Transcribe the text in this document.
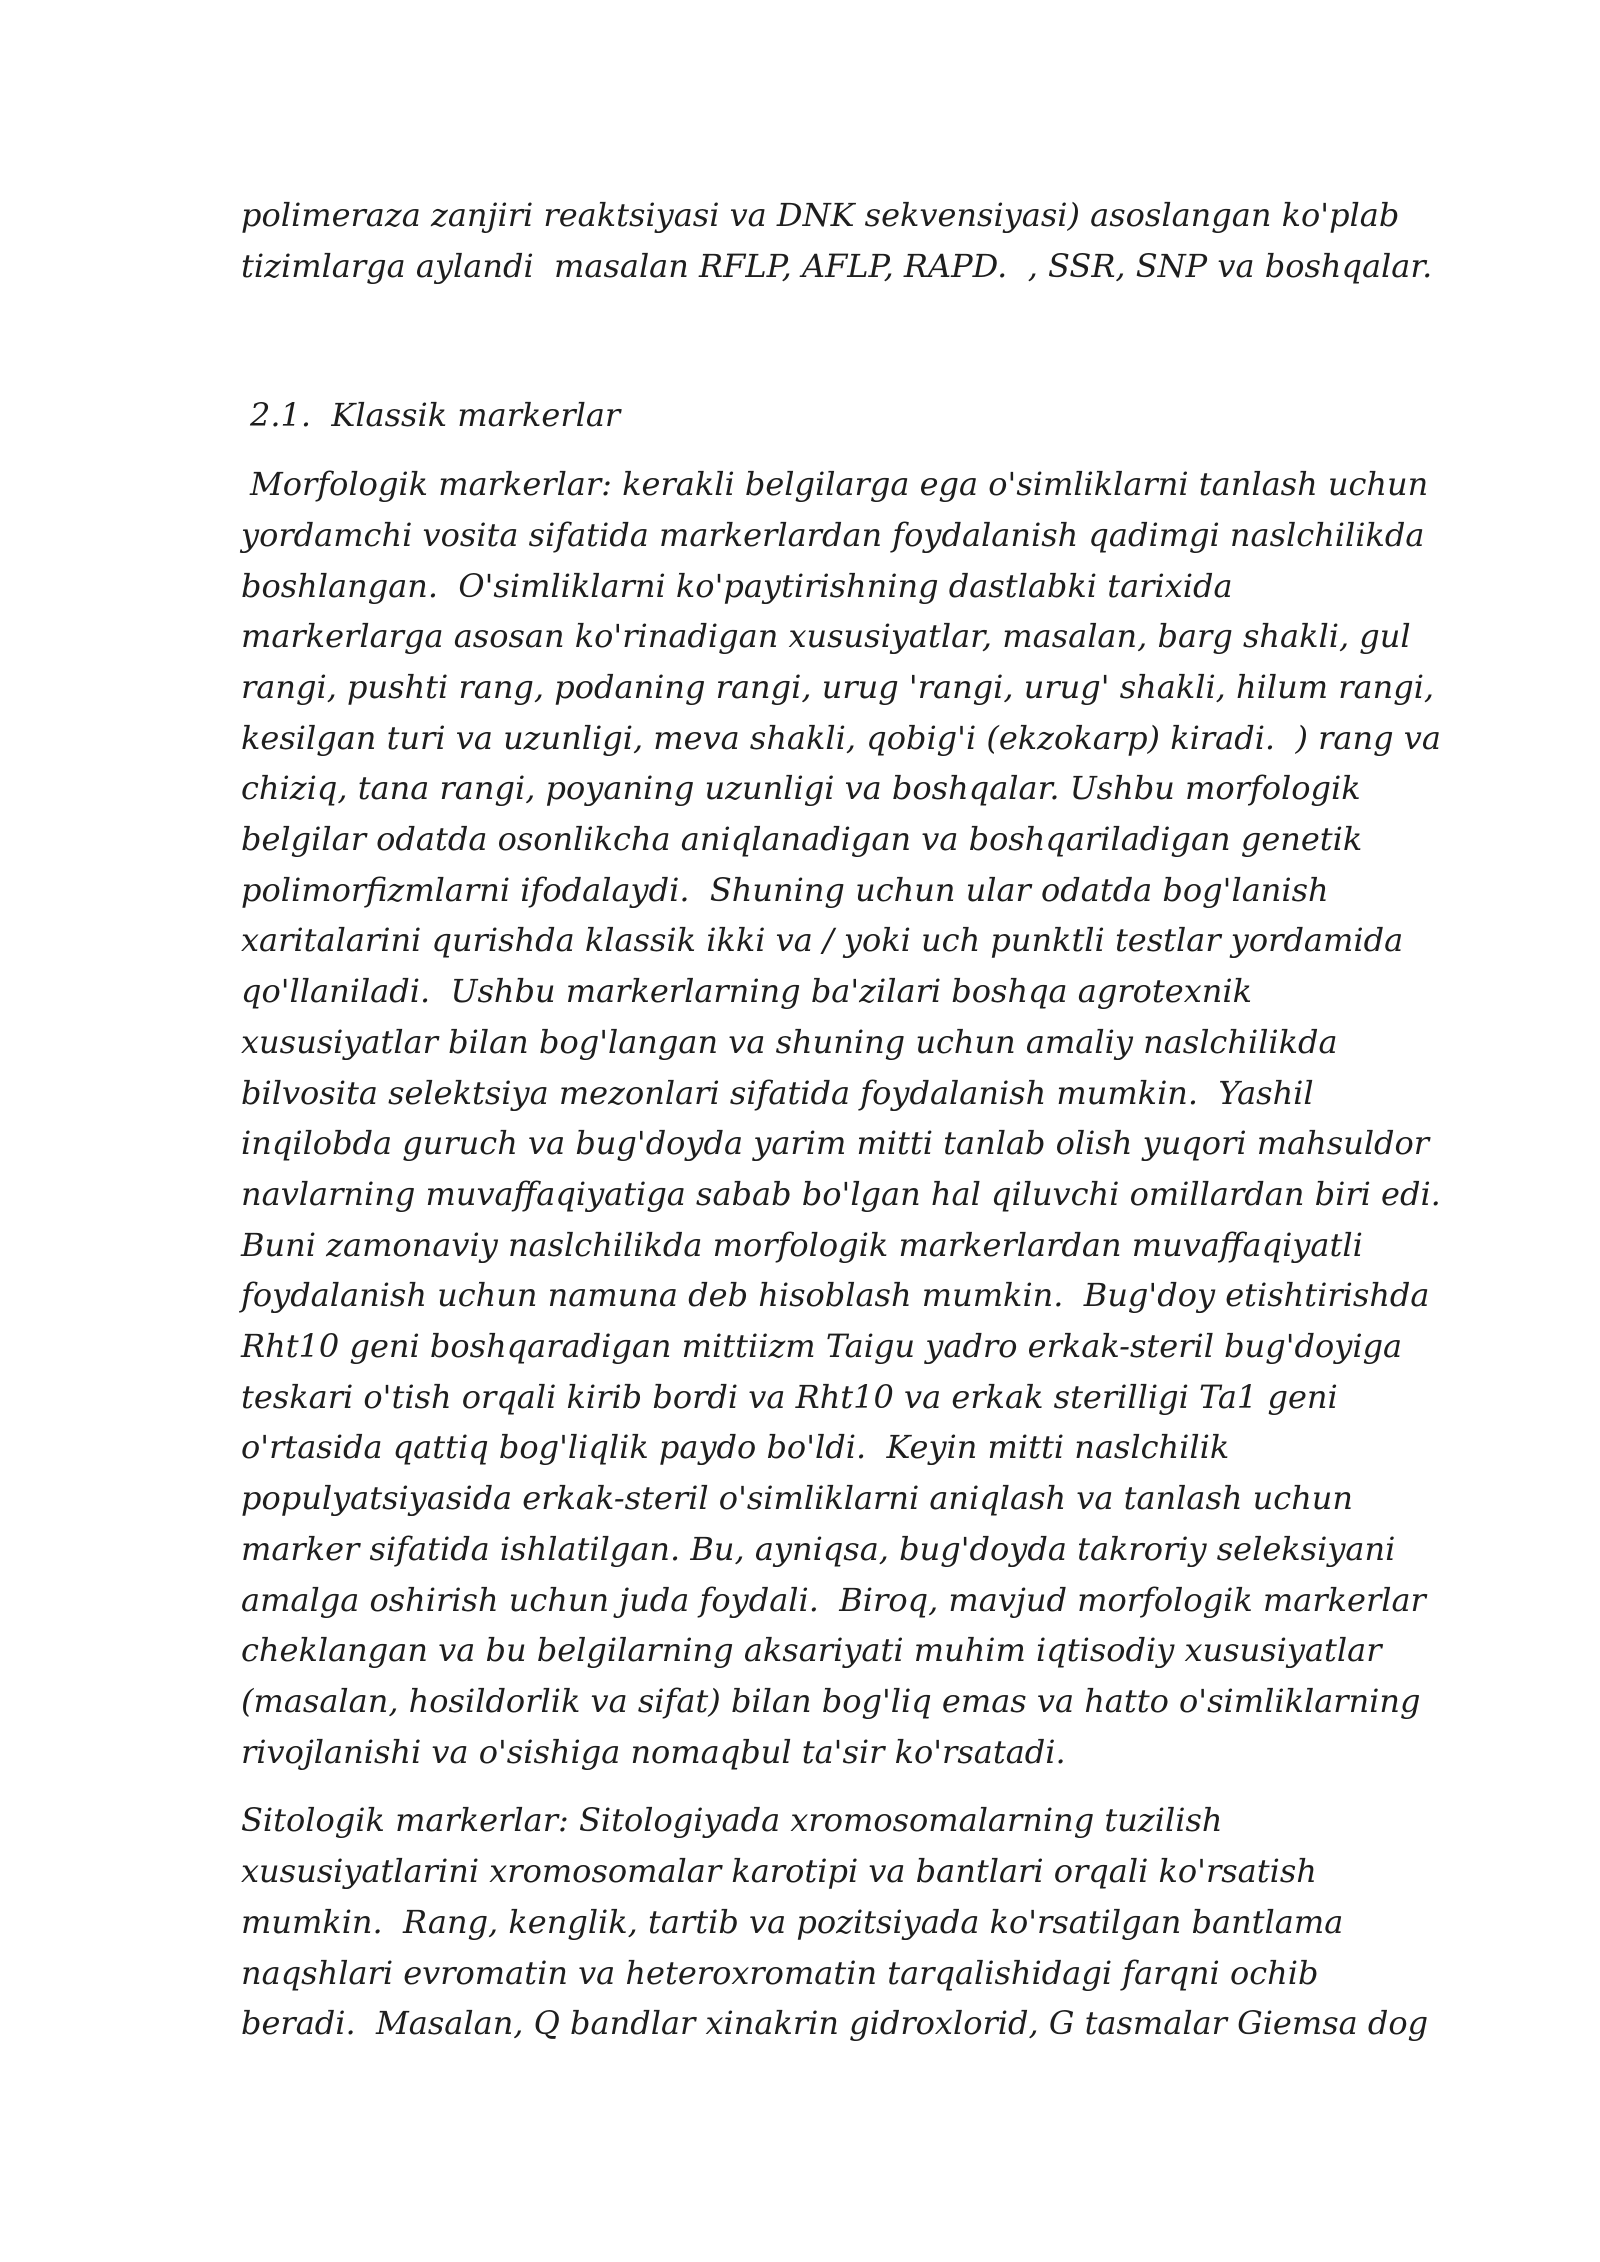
polimeraza zanjiri reaktsiyasi va DNK sekvensiyasi) asoslangan ko'plab
tizimlarga aylandi  masalan RFLP, AFLP, RAPD.  , SSR, SNP va boshqalar.
2.1.  Klassik markerlar
Morfologik markerlar: kerakli belgilarga ega o'simliklarni tanlash uchun
yordamchi vosita sifatida markerlardan foydalanish qadimgi naslchilikda
boshlangan.  O'simliklarni ko'paytirishning dastlabki tarixida
markerlarga asosan ko'rinadigan xususiyatlar, masalan, barg shakli, gul
rangi, pushti rang, podaning rangi, urug 'rangi, urug' shakli, hilum rangi,
kesilgan turi va uzunligi, meva shakli, qobig'i (ekzokarp) kiradi.  ) rang va
chiziq, tana rangi, poyaning uzunligi va boshqalar. Ushbu morfologik
belgilar odatda osonlikcha aniqlanadigan va boshqariladigan genetik
polimorfizmlarni ifodalaydi.  Shuning uchun ular odatda bog'lanish
xaritalarini qurishda klassik ikki va / yoki uch punktli testlar yordamida
qo'llaniladi.  Ushbu markerlarning ba'zilari boshqa agrotexnik
xususiyatlar bilan bog'langan va shuning uchun amaliy naslchilikda
bilvosita selektsiya mezonlari sifatida foydalanish mumkin.  Yashil
inqilobda guruch va bug'doyda yarim mitti tanlab olish yuqori mahsuldor
navlarning muvaffaqiyatiga sabab bo'lgan hal qiluvchi omillardan biri edi.
Buni zamonaviy naslchilikda morfologik markerlardan muvaffaqiyatli
foydalanish uchun namuna deb hisoblash mumkin.  Bug'doy etishtirishda
Rht10 geni boshqaradigan mittiizm Taigu yadro erkak-steril bug'doyiga
teskari o'tish orqali kirib bordi va Rht10 va erkak sterilligi Ta1 geni
o'rtasida qattiq bog'liqlik paydo bo'ldi.  Keyin mitti naslchilik
populyatsiyasida erkak-steril o'simliklarni aniqlash va tanlash uchun
marker sifatida ishlatilgan. Bu, ayniqsa, bug'doyda takroriy seleksiyani
amalga oshirish uchun juda foydali.  Biroq, mavjud morfologik markerlar
cheklangan va bu belgilarning aksariyati muhim iqtisodiy xususiyatlar
(masalan, hosildorlik va sifat) bilan bog'liq emas va hatto o'simliklarning
rivojlanishi va o'sishiga nomaqbul ta'sir ko'rsatadi.
Sitologik markerlar: Sitologiyada xromosomalarning tuzilish
xususiyatlarini xromosomalar karotipi va bantlari orqali ko'rsatish
mumkin.  Rang, kenglik, tartib va pozitsiyada ko'rsatilgan bantlama
naqshlari evromatin va heteroxromatin tarqalishidagi farqni ochib
beradi.  Masalan, Q bandlar xinakrin gidroxlorid, G tasmalar Giemsa dog
